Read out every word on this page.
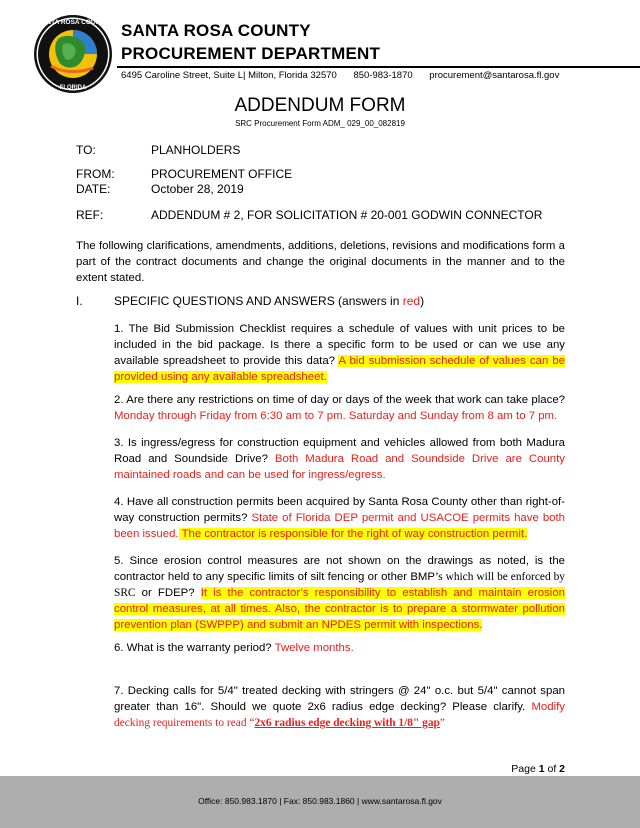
SANTA ROSA COUNTY
FLORIDA
SANTA ROSA COUNTY
PROCUREMENT DEPARTMENT
6495 Caroline Street, Suite L| Milton, Florida 32570 850-983-1870 procurement@santarosa.fl.gov
ADDENDUM FORM
SRC Procurement Form ADM_ 029_00_082819
TO:	PLANHOLDERS
FROM:	PROCUREMENT OFFICE
DATE:	October 28, 2019
REF:	ADDENDUM # 2, FOR SOLICITATION # 20-001 GODWIN CONNECTOR
The following clarifications, amendments, additions, deletions, revisions and modifications form a part of the contract documents and change the original documents in the manner and to the extent stated.
I.	SPECIFIC QUESTIONS AND ANSWERS (answers in red)
1. The Bid Submission Checklist requires a schedule of values with unit prices to be included in the bid package. Is there a specific form to be used or can we use any available spreadsheet to provide this data? A bid submission schedule of values can be provided using any available spreadsheet.
2. Are there any restrictions on time of day or days of the week that work can take place? Monday through Friday from 6:30 am to 7 pm. Saturday and Sunday from 8 am to 7 pm.
3. Is ingress/egress for construction equipment and vehicles allowed from both Madura Road and Soundside Drive? Both Madura Road and Soundside Drive are County maintained roads and can be used for ingress/egress.
4. Have all construction permits been acquired by Santa Rosa County other than right-of-way construction permits? State of Florida DEP permit and USACOE permits have both been issued. The contractor is responsible for the right of way construction permit.
5. Since erosion control measures are not shown on the drawings as noted, is the contractor held to any specific limits of silt fencing or other BMP’s which will be enforced by SRC or FDEP? It is the contractor’s responsibility to establish and maintain erosion control measures, at all times. Also, the contractor is to prepare a stormwater pollution prevention plan (SWPPP) and submit an NPDES permit with inspections.
6. What is the warranty period? Twelve months.
7. Decking calls for 5/4" treated decking with stringers @ 24" o.c. but 5/4" cannot span greater than 16". Should we quote 2x6 radius edge decking? Please clarify. Modify decking requirements to read “2x6 radius edge decking with 1/8" gap”
Page 1 of 2
Office: 850.983.1870 | Fax: 850.983.1860 | www.santarosa.fl.gov
